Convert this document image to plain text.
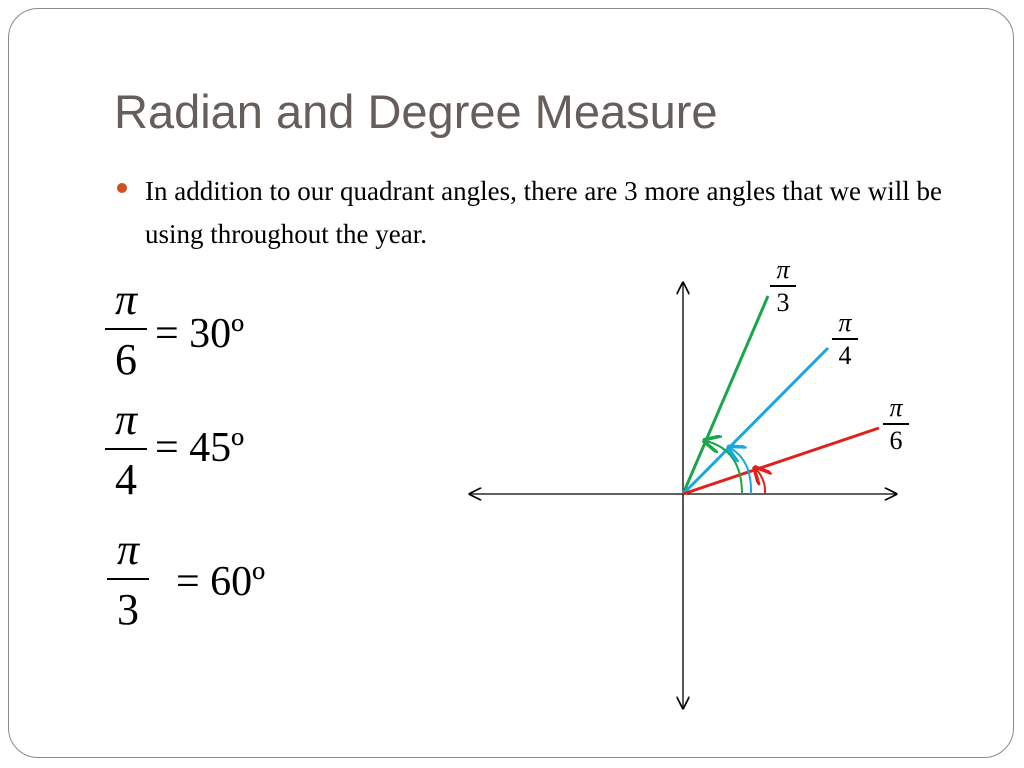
Radian and Degree Measure
In addition to our quadrant angles, there are 3 more angles that we will be using throughout the year.
π
6
= 30º
π
4
= 45º
π
3
= 60º
π
3
π
4
π
6
